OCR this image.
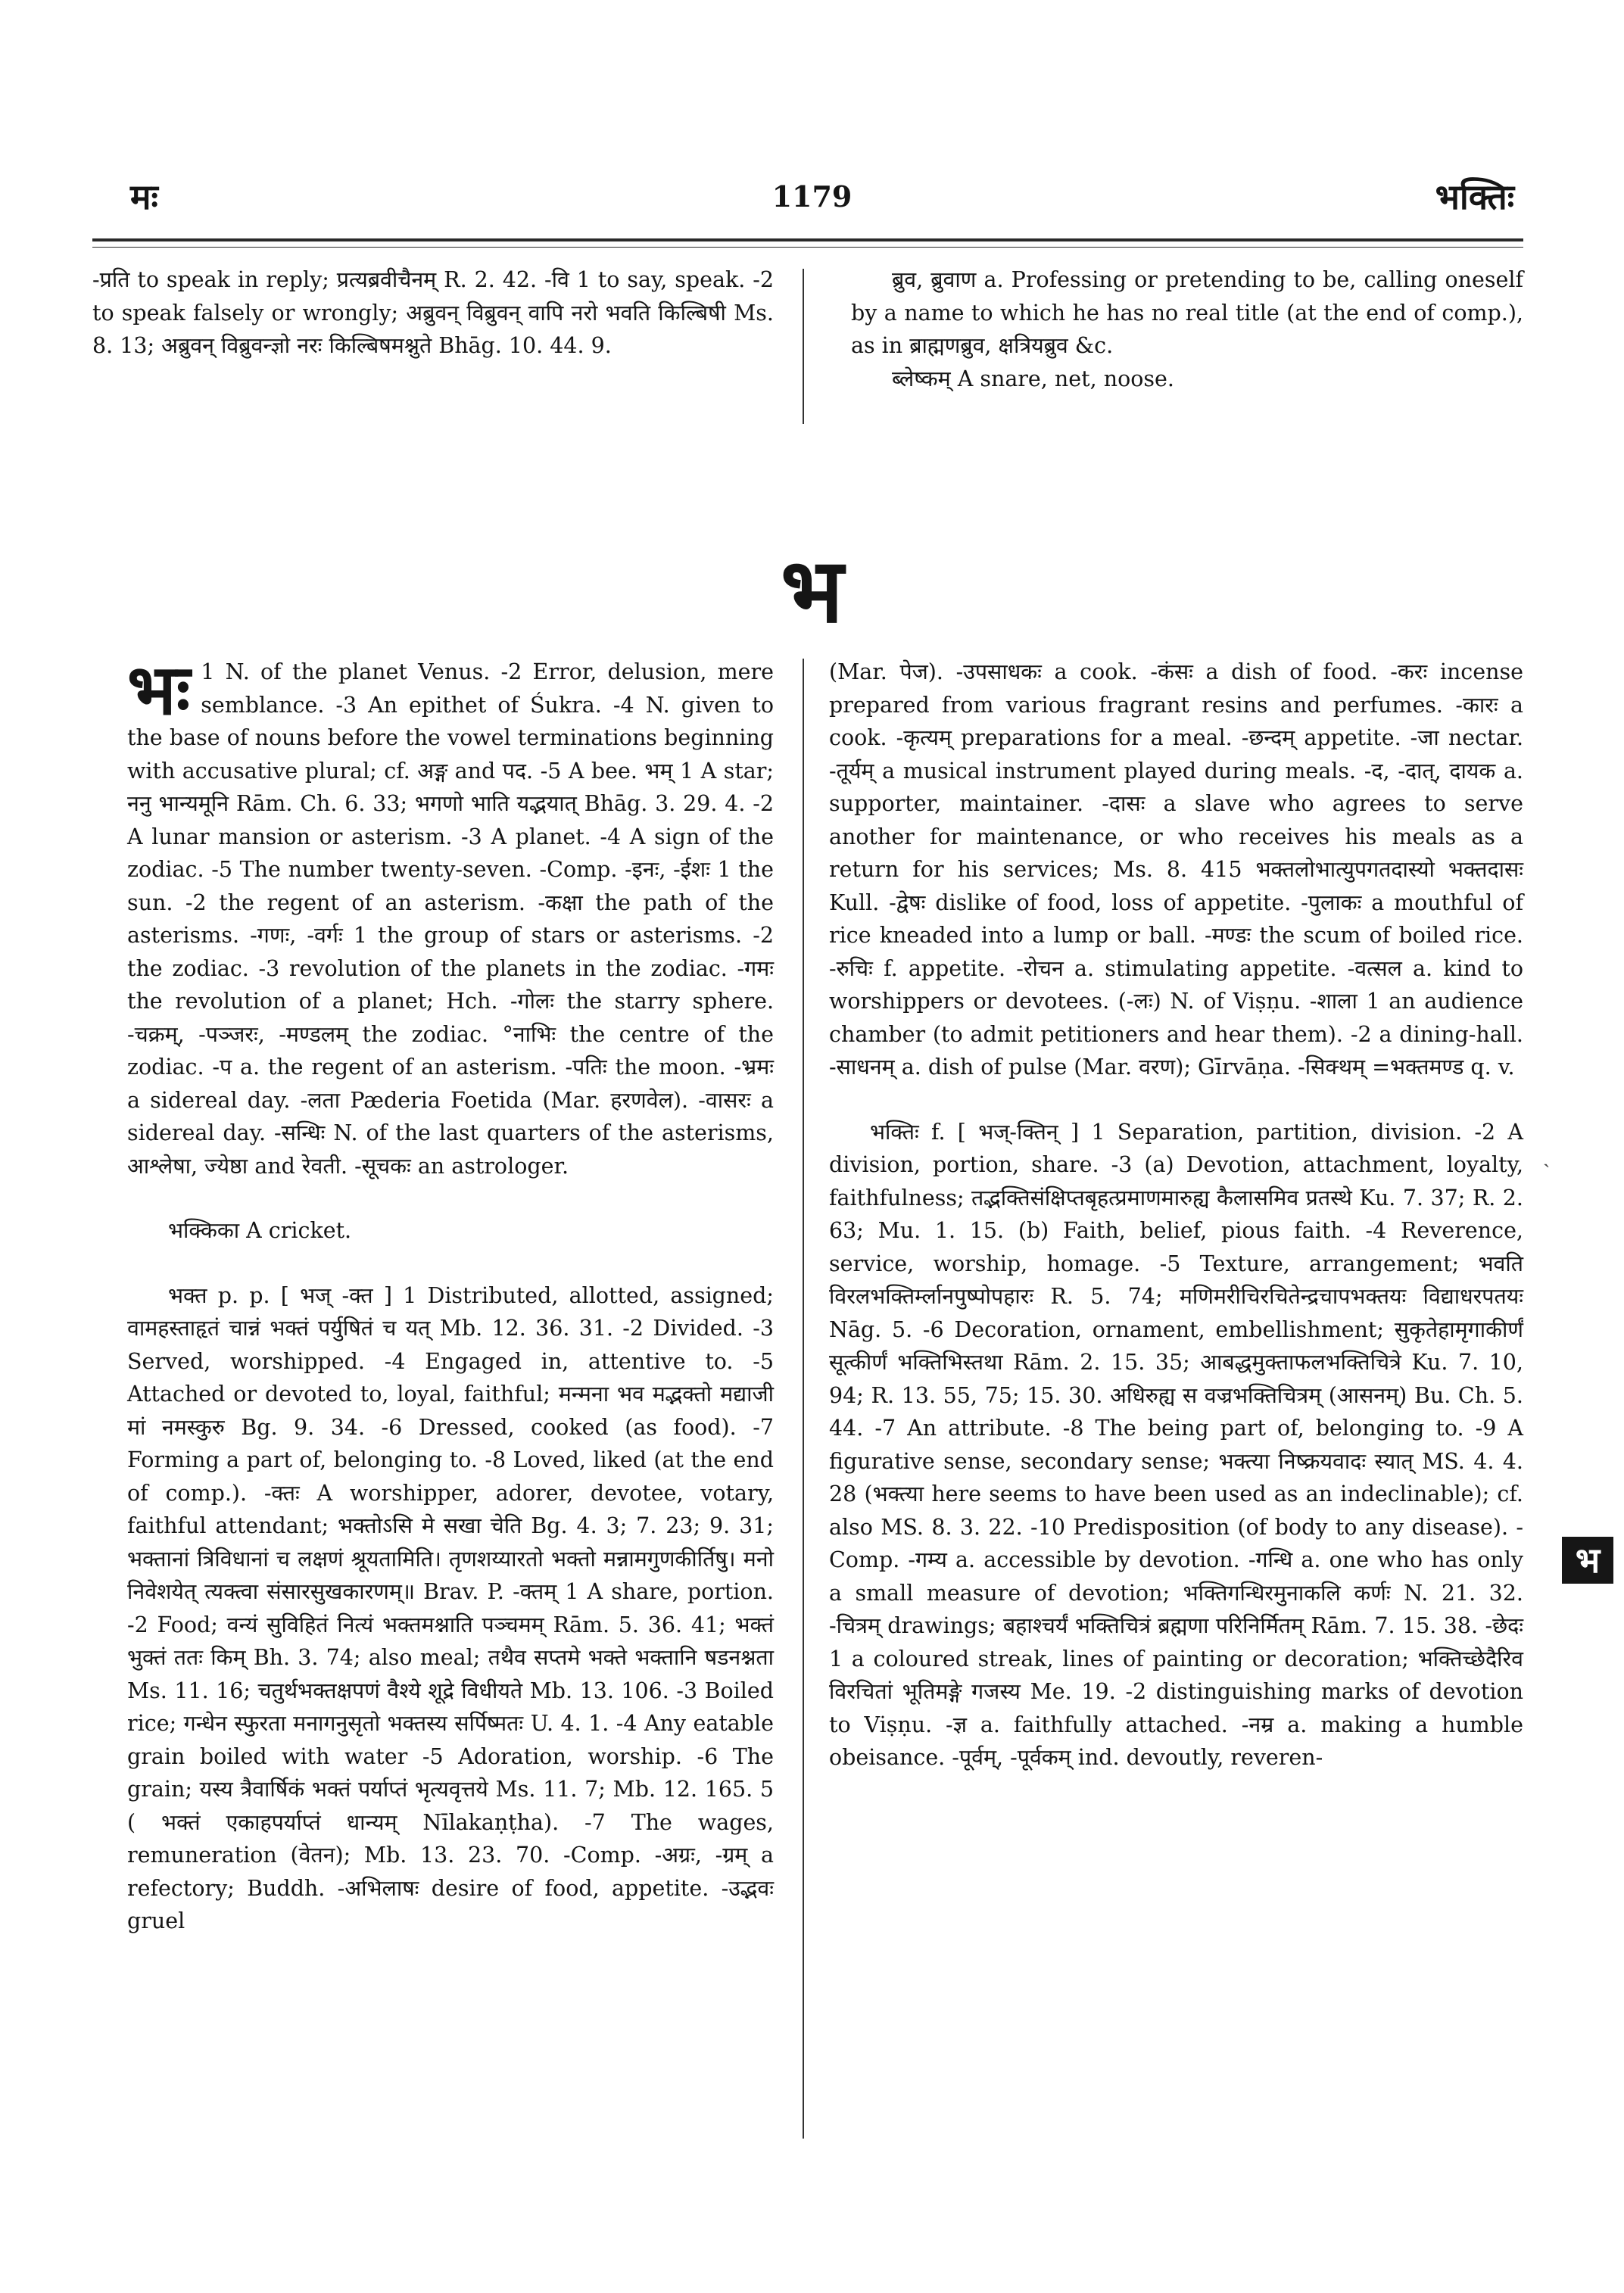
मः	1179	भक्तिः

-प्रति to speak in reply; प्रत्यब्रवीचैनम् R. 2. 42. -वि 1 to say, speak. -2 to speak falsely or wrongly; अब्रुवन् विब्रुवन् वापि नरो भवति किल्बिषी Ms. 8. 13; अब्रुवन् विब्रुवन्ज्ञो नरः किल्बिषमश्नुते Bhāg. 10. 44. 9.

ब्रुव, ब्रुवाण a. Professing or pretending to be, calling oneself by a name to which he has no real title (at the end of comp.), as in ब्राह्मणब्रुव, क्षत्रियब्रुव &c.

ब्लेष्कम् A snare, net, noose.

भ

भः 1 N. of the planet Venus. -2 Error, delusion, mere semblance. -3 An epithet of Śukra. -4 N. given to the base of nouns before the vowel terminations beginning with accusative plural; cf. अङ्ग and पद. -5 A bee. भम् 1 A star; ननु भान्यमूनि Rām. Ch. 6. 33; भगणो भाति यद्भयात् Bhāg. 3. 29. 4. -2 A lunar mansion or asterism. -3 A planet. -4 A sign of the zodiac. -5 The number twenty-seven. -Comp. -इनः, -ईशः 1 the sun. -2 the regent of an asterism. -कक्षा the path of the asterisms. -गणः, -वर्गः 1 the group of stars or asterisms. -2 the zodiac. -3 revolution of the planets in the zodiac. -गमः the revolution of a planet; Hch. -गोलः the starry sphere. -चक्रम्, -पञ्जरः, -मण्डलम् the zodiac. °नाभिः the centre of the zodiac. -प a. the regent of an asterism. -पतिः the moon. -भ्रमः a sidereal day. -लता Pæderia Foetida (Mar. हरणवेल). -वासरः a sidereal day. -सन्धिः N. of the last quarters of the asterisms, आश्लेषा, ज्येष्ठा and रेवती. -सूचकः an astrologer.

भक्किका A cricket.

भक्त p. p. [ भज् -क्त ] 1 Distributed, allotted, assigned; वामहस्ताहृतं चान्नं भक्तं पर्युषितं च यत् Mb. 12. 36. 31. -2 Divided. -3 Served, worshipped. -4 Engaged in, attentive to. -5 Attached or devoted to, loyal, faithful; मन्मना भव मद्भक्तो मद्याजी मां नमस्कुरु Bg. 9. 34. -6 Dressed, cooked (as food). -7 Forming a part of, belonging to. -8 Loved, liked (at the end of comp.). -क्तः A worshipper, adorer, devotee, votary, faithful attendant; भक्तोऽसि मे सखा चेति Bg. 4. 3; 7. 23; 9. 31; भक्तानां त्रिविधानां च लक्षणं श्रूयतामिति। तृणशय्यारतो भक्तो मन्नामगुणकीर्तिषु। मनो निवेशयेत् त्यक्त्वा संसारसुखकारणम्॥ Brav. P. -क्तम् 1 A share, portion. -2 Food; वन्यं सुविहितं नित्यं भक्तमश्नाति पञ्चमम् Rām. 5. 36. 41; भक्तं भुक्तं ततः किम् Bh. 3. 74; also meal; तथैव सप्तमे भक्ते भक्तानि षडनश्नता Ms. 11. 16; चतुर्थभक्तक्षपणं वैश्ये शूद्रे विधीयते Mb. 13. 106. -3 Boiled rice; गन्धेन स्फुरता मनागनुसृतो भक्तस्य सर्पिष्मतः U. 4. 1. -4 Any eatable grain boiled with water -5 Adoration, worship. -6 The grain; यस्य त्रैवार्षिकं भक्तं पर्याप्तं भृत्यवृत्तये Ms. 11. 7; Mb. 12. 165. 5 ( भक्तं एकाहपर्याप्तं धान्यम् Nīlakaṇṭha). -7 The wages, remuneration (वेतन); Mb. 13. 23. 70. -Comp. -अग्रः, -ग्रम् a refectory; Buddh. -अभिलाषः desire of food, appetite. -उद्भवः gruel

(Mar. पेज). -उपसाधकः a cook. -कंसः a dish of food. -करः incense prepared from various fragrant resins and perfumes. -कारः a cook. -कृत्यम् preparations for a meal. -छन्दम् appetite. -जा nectar. -तूर्यम् a musical instrument played during meals. -द, -दात्, दायक a. supporter, maintainer. -दासः a slave who agrees to serve another for maintenance, or who receives his meals as a return for his services; Ms. 8. 415 भक्तलोभात्युपगतदास्यो भक्तदासः Kull. -द्वेषः dislike of food, loss of appetite. -पुलाकः a mouthful of rice kneaded into a lump or ball. -मण्डः the scum of boiled rice. -रुचिः f. appetite. -रोचन a. stimulating appetite. -वत्सल a. kind to worshippers or devotees. (-लः) N. of Viṣṇu. -शाला 1 an audience chamber (to admit petitioners and hear them). -2 a dining-hall. -साधनम् a. dish of pulse (Mar. वरण); Gīrvāṇa. -सिक्थम् =भक्तमण्ड q. v.

भक्तिः f. [ भज्-क्तिन् ] 1 Separation, partition, division. -2 A division, portion, share. -3 (a) Devotion, attachment, loyalty, faithfulness; तद्भक्तिसंक्षिप्तबृहत्प्रमाणमारुह्य कैलासमिव प्रतस्थे Ku. 7. 37; R. 2. 63; Mu. 1. 15. (b) Faith, belief, pious faith. -4 Reverence, service, worship, homage. -5 Texture, arrangement; भवति विरलभक्तिर्म्लानपुष्पोपहारः R. 5. 74; मणिमरीचिरचितेन्द्रचापभक्तयः विद्याधरपतयः Nāg. 5. -6 Decoration, ornament, embellishment; सुकृतेहामृगाकीर्णं सूत्कीर्णं भक्तिभिस्तथा Rām. 2. 15. 35; आबद्धमुक्ताफलभक्तिचित्रे Ku. 7. 10, 94; R. 13. 55, 75; 15. 30. अधिरुह्य स वज्रभक्तिचित्रम् (आसनम्) Bu. Ch. 5. 44. -7 An attribute. -8 The being part of, belonging to. -9 A figurative sense, secondary sense; भक्त्या निष्क्रयवादः स्यात् MS. 4. 4. 28 (भक्त्या here seems to have been used as an indeclinable); cf. also MS. 8. 3. 22. -10 Predisposition (of body to any disease). -Comp. -गम्य a. accessible by devotion. -गन्धि a. one who has only a small measure of devotion; भक्तिगन्धिरमुनाकलि कर्णः N. 21. 32. -चित्रम् drawings; बहाश्चर्यं भक्तिचित्रं ब्रह्मणा परिनिर्मितम् Rām. 7. 15. 38. -छेदः 1 a coloured streak, lines of painting or decoration; भक्तिच्छेदैरिव विरचितां भूतिमङ्गे गजस्य Me. 19. -2 distinguishing marks of devotion to Viṣṇu. -ज्ञ a. faithfully attached. -नम्र a. making a humble obeisance. -पूर्वम्, -पूर्वकम् ind. devoutly, reveren-

ˏ
भ
